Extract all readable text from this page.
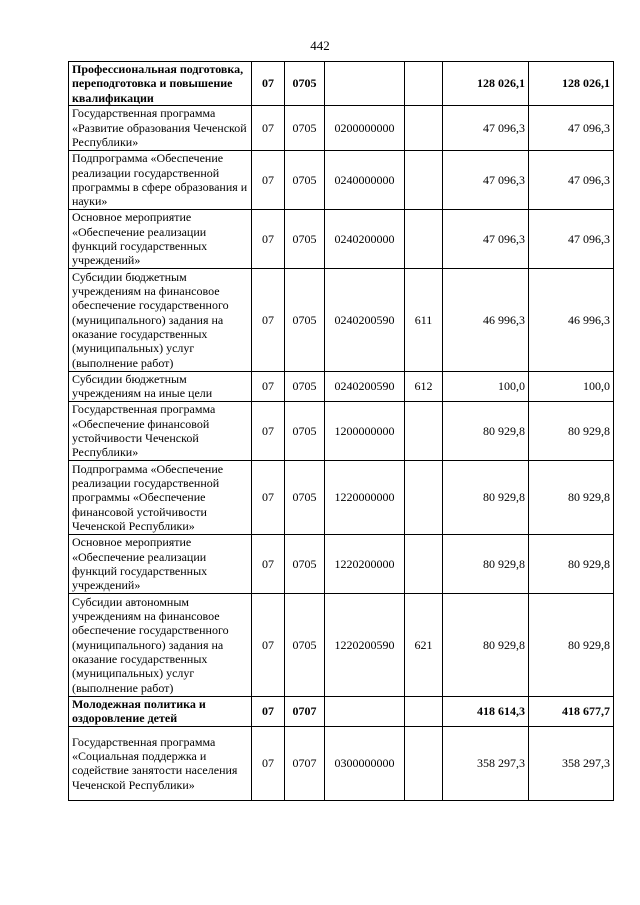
442
Профессиональная подготовка, переподготовка и повышение квалификации	07	0705			128 026,1	128 026,1
Государственная программа «Развитие образования Чеченской Республики»	07	0705	0200000000		47 096,3	47 096,3
Подпрограмма «Обеспечение реализации государственной программы в сфере образования и науки»	07	0705	0240000000		47 096,3	47 096,3
Основное мероприятие «Обеспечение реализации функций государственных учреждений»	07	0705	0240200000		47 096,3	47 096,3
Субсидии бюджетным учреждениям на финансовое обеспечение государственного (муниципального) задания на оказание государственных (муниципальных) услуг (выполнение работ)	07	0705	0240200590	611	46 996,3	46 996,3
Субсидии бюджетным учреждениям на иные цели	07	0705	0240200590	612	100,0	100,0
Государственная программа «Обеспечение финансовой устойчивости Чеченской Республики»	07	0705	1200000000		80 929,8	80 929,8
Подпрограмма «Обеспечение реализации государственной программы «Обеспечение финансовой устойчивости Чеченской Республики»	07	0705	1220000000		80 929,8	80 929,8
Основное мероприятие «Обеспечение реализации функций государственных учреждений»	07	0705	1220200000		80 929,8	80 929,8
Субсидии автономным учреждениям на финансовое обеспечение государственного (муниципального) задания на оказание государственных (муниципальных) услуг (выполнение работ)	07	0705	1220200590	621	80 929,8	80 929,8
Молодежная политика и оздоровление детей	07	0707			418 614,3	418 677,7
Государственная программа «Социальная поддержка и содействие занятости населения Чеченской Республики»	07	0707	0300000000		358 297,3	358 297,3
